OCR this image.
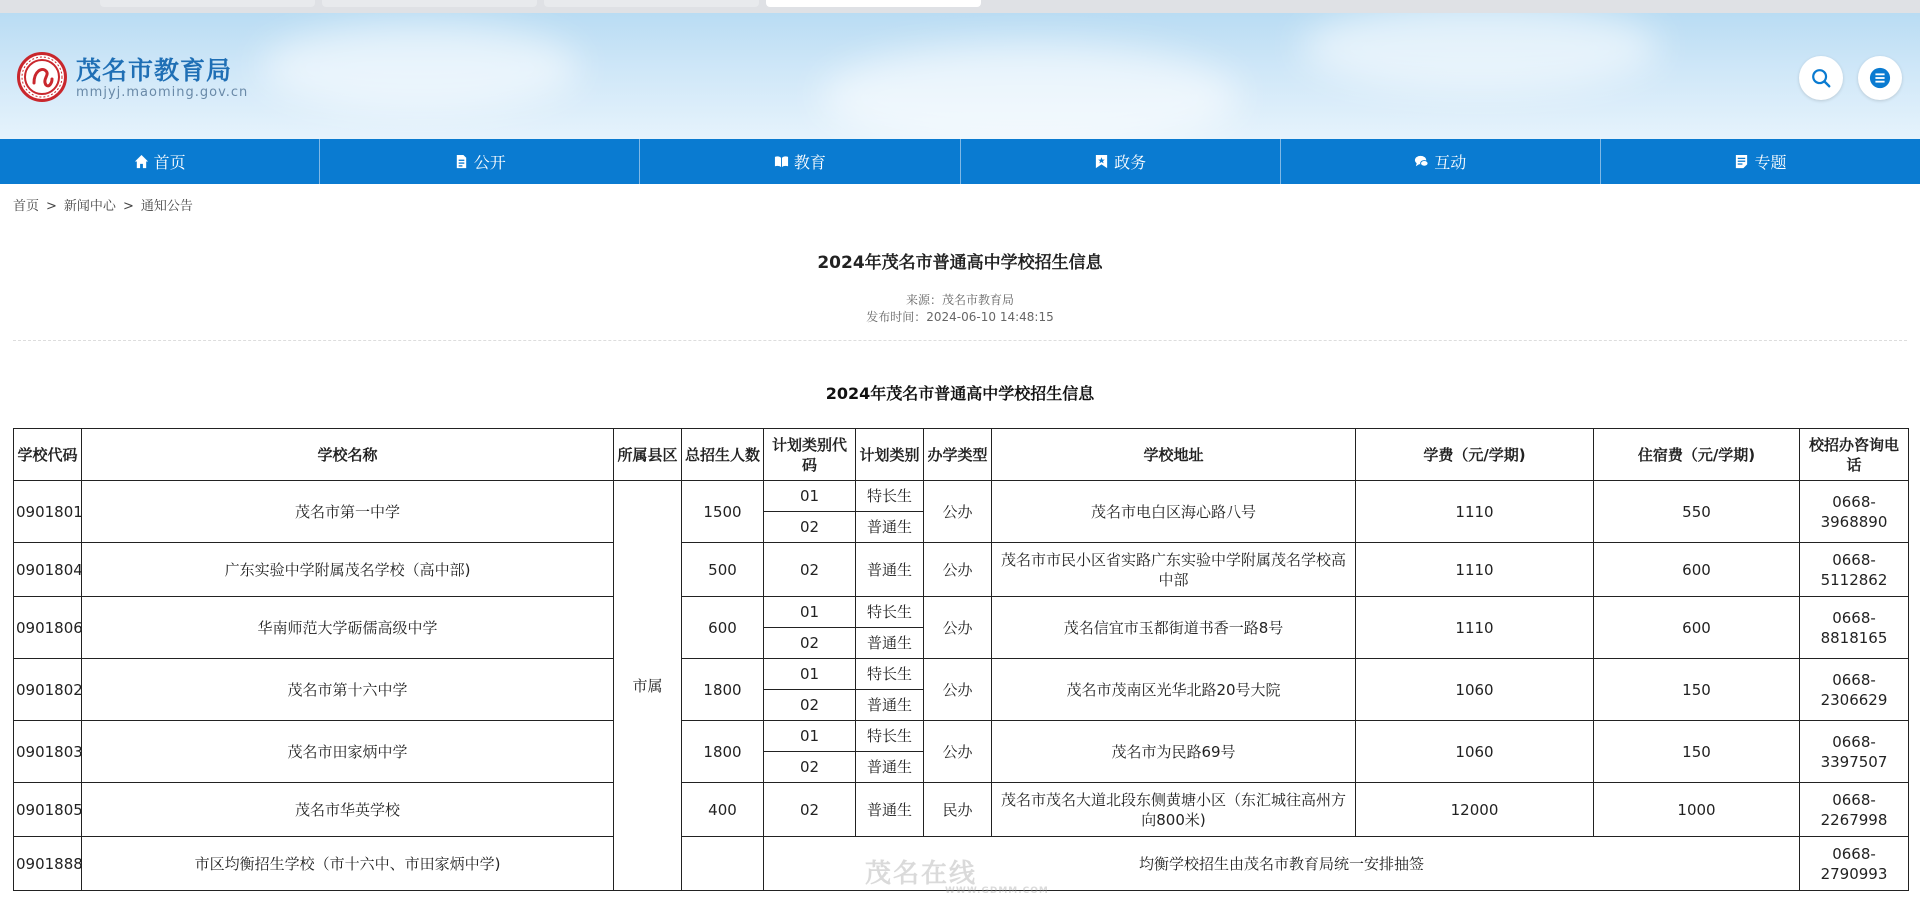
茂名市教育局
mmjyj.maoming.gov.cn
首页	公开	教育	政务	互动	专题
首页 > 新闻中心 > 通知公告
2024年茂名市普通高中学校招生信息
来源：茂名市教育局
发布时间：2024-06-10 14:48:15
2024年茂名市普通高中学校招生信息
学校代码	学校名称	所属县区	总招生人数	计划类别代码	计划类别	办学类型	学校地址	学费（元/学期)	住宿费（元/学期)	校招办咨询电话
0901801	茂名市第一中学	市属	1500	01	特长生	公办	茂名市电白区海心路八号	1110	550	0668-3968890
				02	普通生					
0901804	广东实验中学附属茂名学校（高中部)		500	02	普通生	公办	茂名市市民小区省实路广东实验中学附属茂名学校高中部	1110	600	0668-5112862
0901806	华南师范大学砺儒高级中学		600	01	特长生	公办	茂名信宜市玉都街道书香一路8号	1110	600	0668-8818165
				02	普通生					
0901802	茂名市第十六中学		1800	01	特长生	公办	茂名市茂南区光华北路20号大院	1060	150	0668-2306629
				02	普通生					
0901803	茂名市田家炳中学		1800	01	特长生	公办	茂名市为民路69号	1060	150	0668-3397507
				02	普通生					
0901805	茂名市华英学校		400	02	普通生	民办	茂名市茂名大道北段东侧黄塘小区（东汇城往高州方向800米)	12000	1000	0668-2267998
0901888	市区均衡招生学校（市十六中、市田家炳中学)			均衡学校招生由茂名市教育局统一安排抽签						0668-2790993
茂名在线
WWW.GDMM.COM
